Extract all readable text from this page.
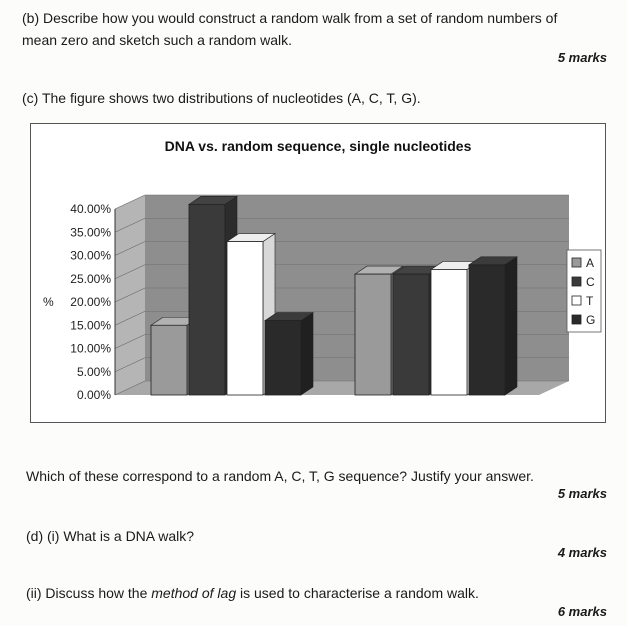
(b) Describe how you would construct a random walk from a set of random numbers of
mean zero and sketch such a random walk.
5 marks
(c) The figure shows two distributions of nucleotides (A, C, T, G).
DNA vs. random sequence, single nucleotides
0.00%
5.00%
10.00%
15.00%
20.00%
25.00%
30.00%
35.00%
40.00%
%
A
C
T
G
Which of these correspond to a random A, C, T, G sequence? Justify your answer.
5 marks
(d) (i) What is a DNA walk?
4 marks
(ii) Discuss how the method of lag is used to characterise a random walk.
6 marks
